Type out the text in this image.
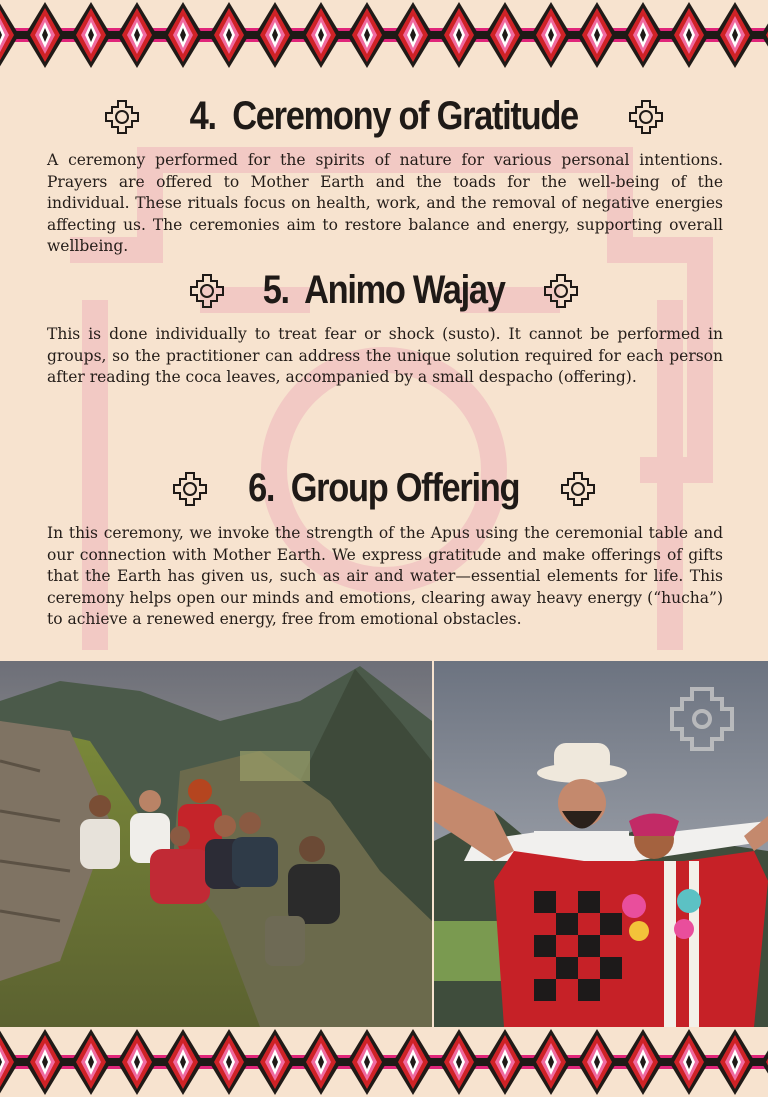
4. Ceremony of Gratitude

A ceremony performed for the spirits of nature for various personal intentions. Prayers are offered to Mother Earth and the toads for the well-being of the individual. These rituals focus on health, work, and the removal of negative energies affecting us. The ceremonies aim to restore balance and energy, supporting overall wellbeing.

5. Animo Wajay

This is done individually to treat fear or shock (susto). It cannot be performed in groups, so the practitioner can address the unique solution required for each person after reading the coca leaves, accompanied by a small despacho (offering).

6. Group Offering

In this ceremony, we invoke the strength of the Apus using the ceremonial table and our connection with Mother Earth. We express gratitude and make offerings of gifts that the Earth has given us, such as air and water—essential elements for life. This ceremony helps open our minds and emotions, clearing away heavy energy (“hucha”) to achieve a renewed energy, free from emotional obstacles.
